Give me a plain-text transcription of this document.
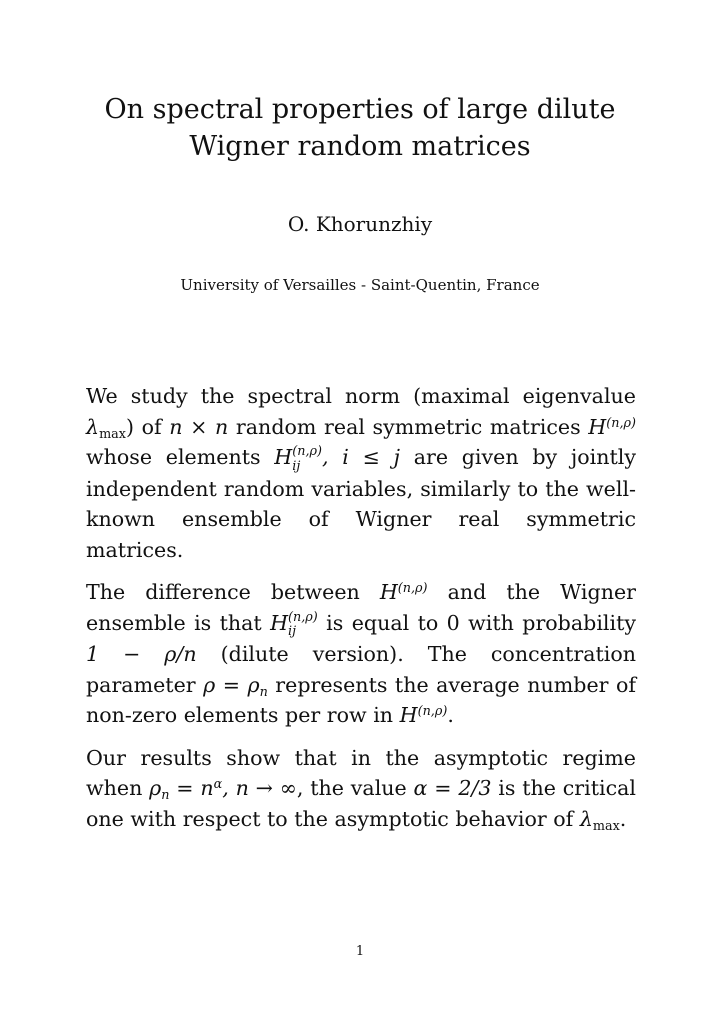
On spectral properties of large dilute
Wigner random matrices
O. Khorunzhiy
University of Versailles - Saint-Quentin, France

We study the spectral norm (maximal eigenvalue $\lambda_{max}$) of n × n random real symmetric matrices $H^{(n,\rho)}$ whose elements H (n,ρ)
ij	, i ≤ j are given by jointly independent random variables, similarly to the well-known ensemble of Wigner real symmetric matrices.

The difference between $H^{(n,\rho)}$ and the Wigner ensemble is that H (n,ρ)
ij	is equal to 0 with probability 1 − ρ/n (dilute version). The concentration parameter $\rho = \rho_n$ represents the average number of non-zero elements per row in $H^{(n,\rho)}$.

Our results show that in the asymptotic regime when $\rho_n = n^\alpha$, n → ∞, the value α = 2/3 is the critical one with respect to the asymptotic behavior of $\lambda_{max}$.

1
